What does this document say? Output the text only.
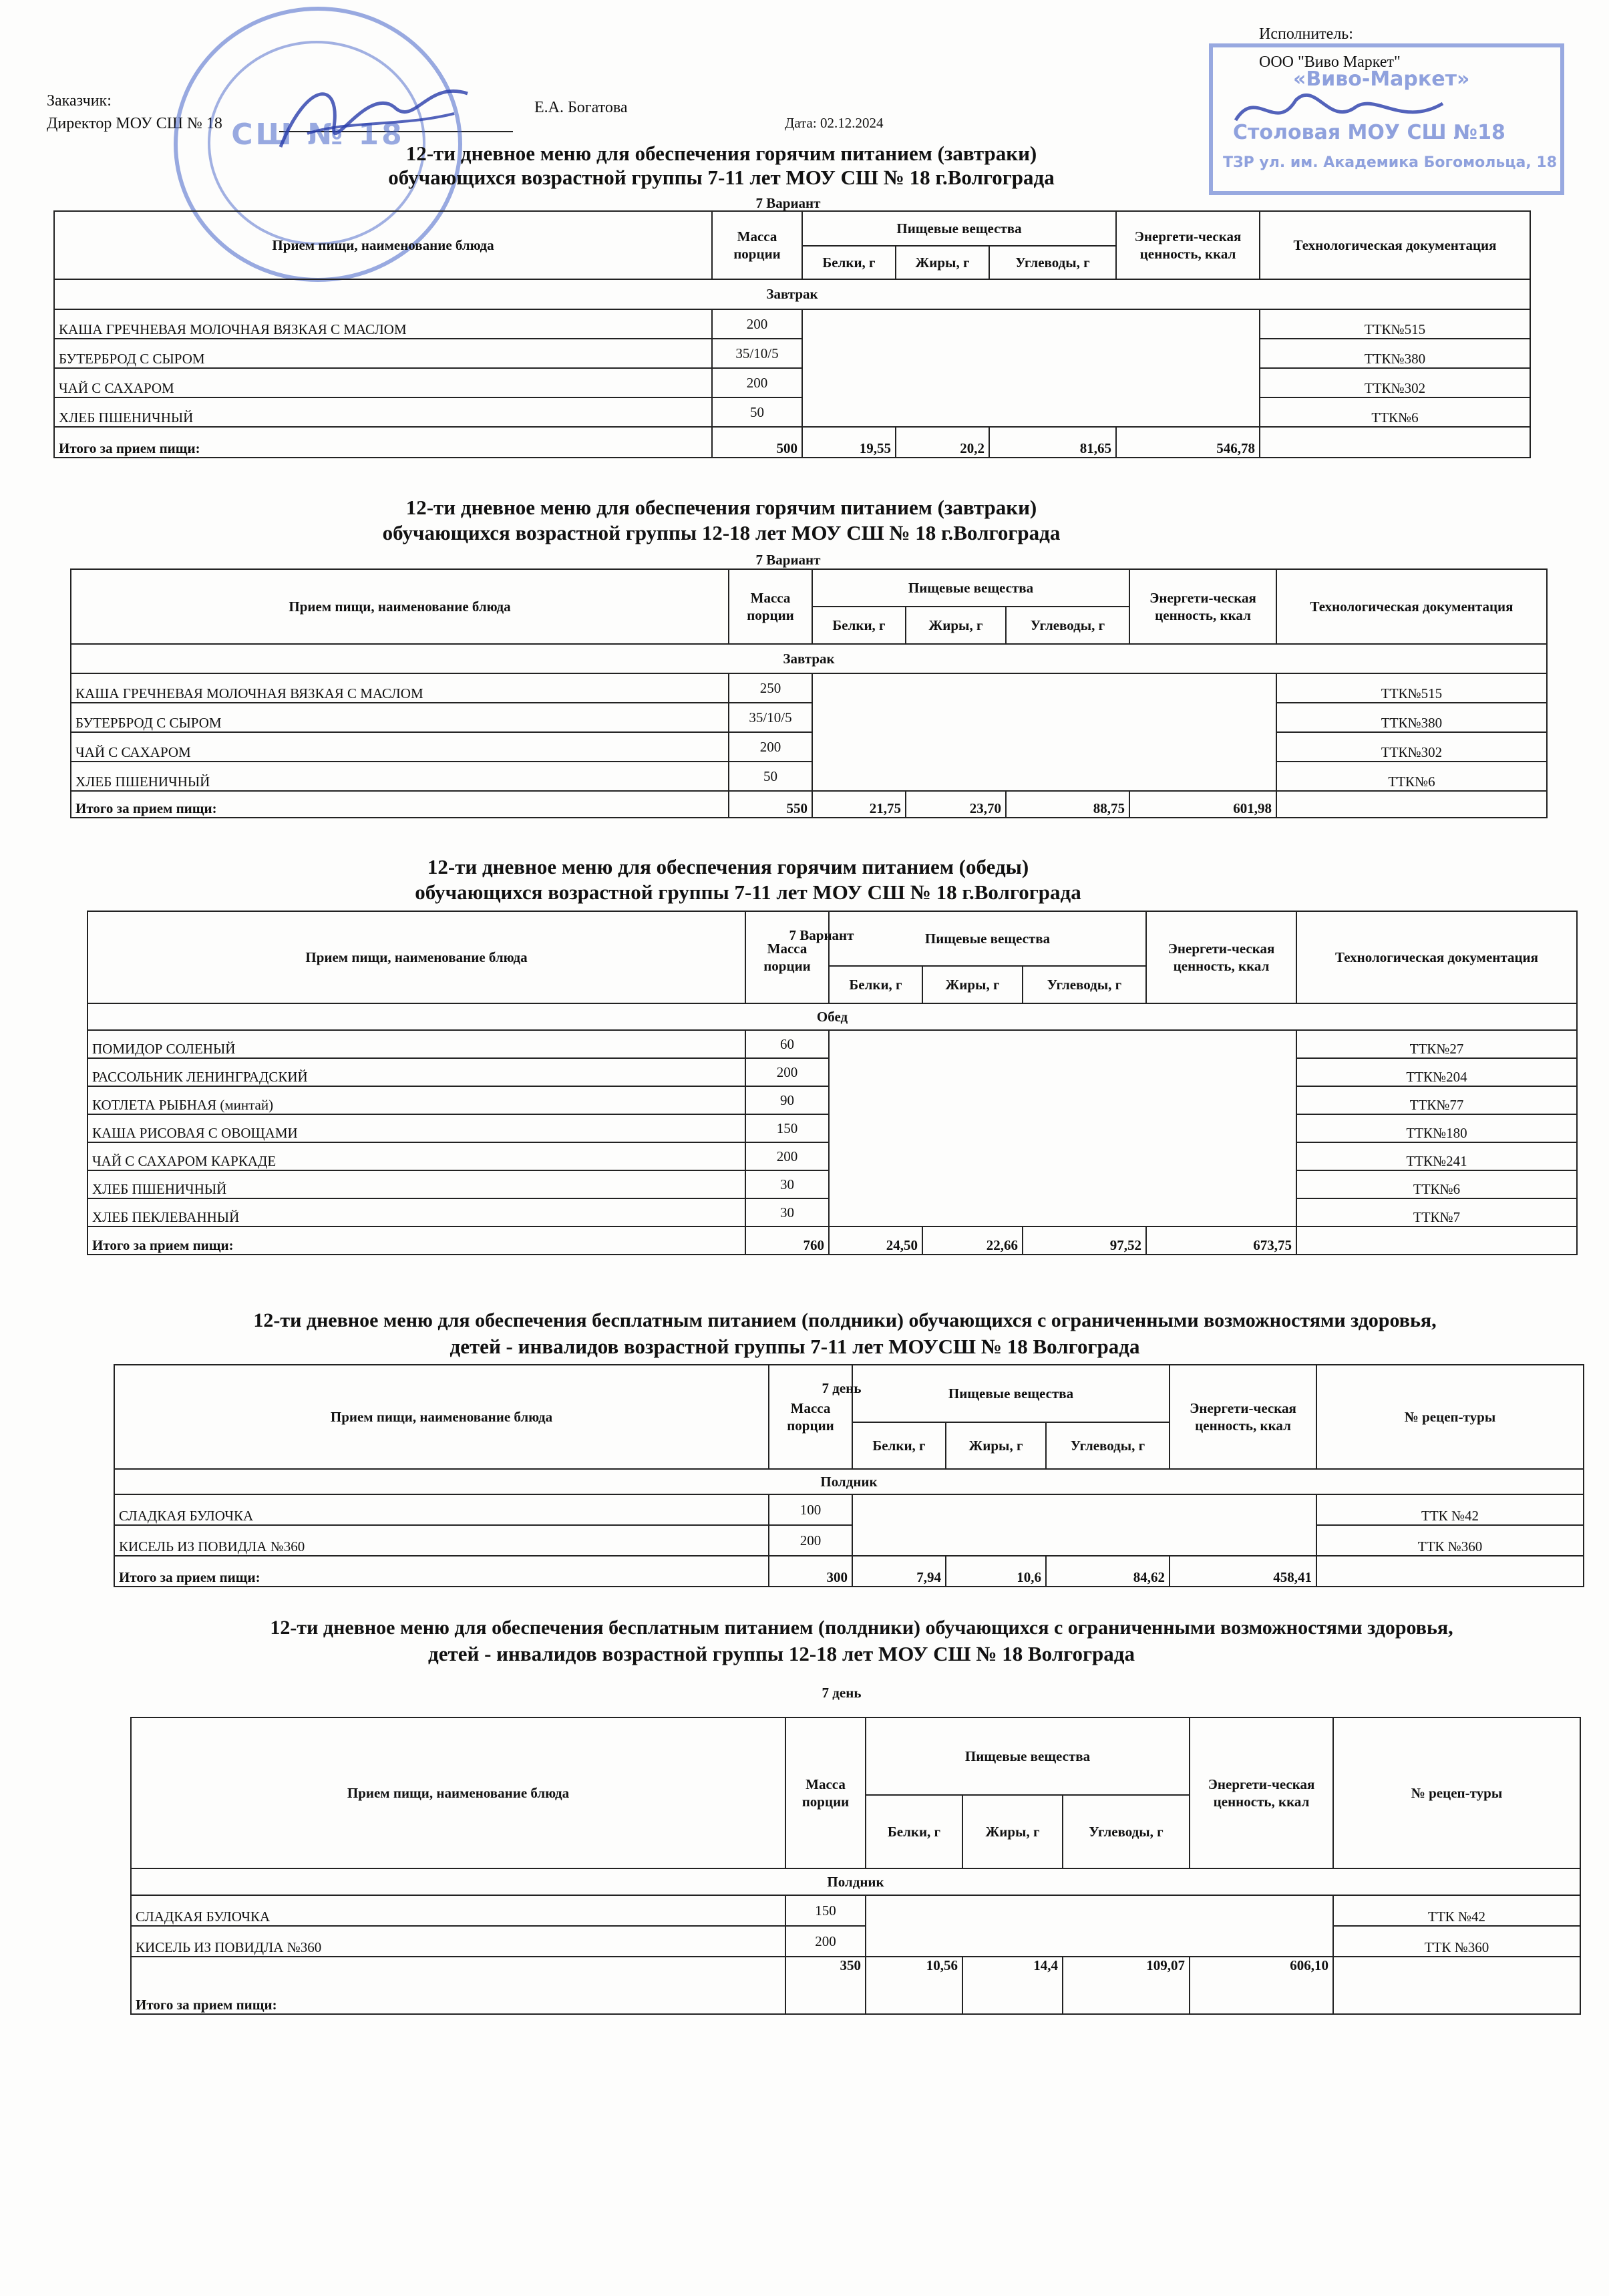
Заказчик:
Директор МОУ СШ № 18
Е.А. Богатова
Дата: 02.12.2024
Исполнитель:
ООО "Виво Маркет"
СШ № 18
«Виво-Маркет»
Столовая МОУ СШ №18
ТЗР ул. им. Академика Богомольца, 18
12-ти дневное меню для обеспечения горячим питанием (завтраки)
обучающихся возрастной группы 7-11 лет МОУ СШ № 18 г.Волгограда
7 Вариант
Прием пищи, наименование блюда	Масса порции	Пищевые вещества			Энергети-ческая ценность, ккал	Технологическая документация
		Белки, г	Жиры, г	Углеводы, г		
Завтрак						
КАША ГРЕЧНЕВАЯ МОЛОЧНАЯ ВЯЗКАЯ С МАСЛОМ	200					ТТК№515
БУТЕРБРОД С СЫРОМ	35/10/5					ТТК№380
ЧАЙ С САХАРОМ	200					ТТК№302
ХЛЕБ ПШЕНИЧНЫЙ	50					ТТК№6
Итого за прием пищи:	500	19,55	20,2	81,65	546,78	
12-ти дневное меню для обеспечения горячим питанием (завтраки)
обучающихся возрастной группы 12-18 лет МОУ СШ № 18 г.Волгограда
7 Вариант
Прием пищи, наименование блюда	Масса порции	Пищевые вещества			Энергети-ческая ценность, ккал	Технологическая документация
		Белки, г	Жиры, г	Углеводы, г		
Завтрак						
КАША ГРЕЧНЕВАЯ МОЛОЧНАЯ ВЯЗКАЯ С МАСЛОМ	250					ТТК№515
БУТЕРБРОД С СЫРОМ	35/10/5					ТТК№380
ЧАЙ С САХАРОМ	200					ТТК№302
ХЛЕБ ПШЕНИЧНЫЙ	50					ТТК№6
Итого за прием пищи:	550	21,75	23,70	88,75	601,98	
12-ти дневное меню для обеспечения горячим питанием (обеды)
обучающихся возрастной группы 7-11 лет МОУ СШ № 18 г.Волгограда
7 Вариант
Прием пищи, наименование блюда	Масса порции	Пищевые вещества			Энергети-ческая ценность, ккал	Технологическая документация
		Белки, г	Жиры, г	Углеводы, г		
Обед						
ПОМИДОР СОЛЕНЫЙ	60					ТТК№27
РАССОЛЬНИК ЛЕНИНГРАДСКИЙ	200					ТТК№204
КОТЛЕТА РЫБНАЯ (минтай)	90					ТТК№77
КАША РИСОВАЯ С ОВОЩАМИ	150					ТТК№180
ЧАЙ С САХАРОМ КАРКАДЕ	200					ТТК№241
ХЛЕБ ПШЕНИЧНЫЙ	30					ТТК№6
ХЛЕБ ПЕКЛЕВАННЫЙ	30					ТТК№7
Итого за прием пищи:	760	24,50	22,66	97,52	673,75	
12-ти дневное меню для обеспечения бесплатным питанием (полдники) обучающихся с ограниченными возможностями здоровья,
детей - инвалидов возрастной группы 7-11 лет МОУСШ № 18 Волгограда
7 день
Прием пищи, наименование блюда	Масса порции	Пищевые вещества			Энергети-ческая ценность, ккал	№ рецеп-туры
		Белки, г	Жиры, г	Углеводы, г		
Полдник						
СЛАДКАЯ БУЛОЧКА	100					ТТК №42
КИСЕЛЬ ИЗ ПОВИДЛА №360	200					ТТК №360
Итого за прием пищи:	300	7,94	10,6	84,62	458,41	
12-ти дневное меню для обеспечения бесплатным питанием (полдники) обучающихся с ограниченными возможностями здоровья,
детей - инвалидов возрастной группы 12-18 лет МОУ СШ № 18 Волгограда
7 день
Прием пищи, наименование блюда	Масса порции	Пищевые вещества			Энергети-ческая ценность, ккал	№ рецеп-туры
		Белки, г	Жиры, г	Углеводы, г		
Полдник						
СЛАДКАЯ БУЛОЧКА	150					ТТК №42
КИСЕЛЬ ИЗ ПОВИДЛА №360	200					ТТК №360
Итого за прием пищи:	350	10,56	14,4	109,07	606,10	
